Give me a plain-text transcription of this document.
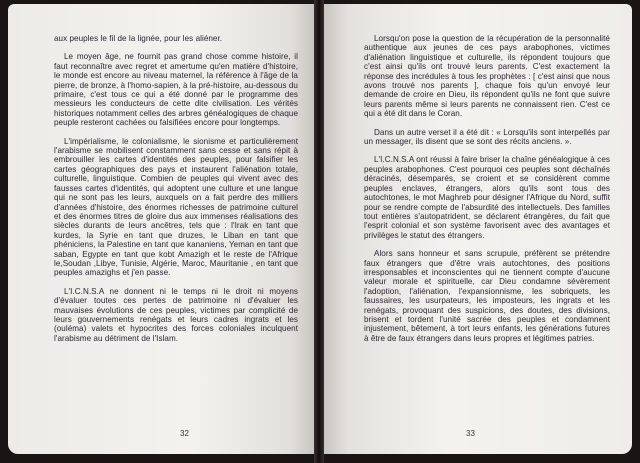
aux peuples le fil de la lignée, pour les aliéner.

Le moyen âge, ne fournit pas grand chose comme histoire, il faut reconnaître avec regret et amertume qu'en matière d'histoire, le monde est encore au niveau maternel, la référence à l'âge de la pierre, de bronze, à l'homo-sapien, à la pré-histoire, au-dessous du primaire, c'est tous ce qui a été donné par le programme des messieurs les conducteurs de cette dite civilisation. Les vérités historiques notamment celles des arbres généalogiques de chaque peuple resteront cachées ou falsifiées encore pour longtemps.

L'impérialisme, le colonialisme, le sionisme et particulièrement l'arabisme se mobilisent constamment sans cesse et sans répit à embrouiller les cartes d'identités des peuples, pour falsifier les cartes géographiques des pays et instaurent l'aliénation totale, culturelle, linguistique. Combien de peuples qui vivent avec des fausses cartes d'identités, qui adoptent une culture et une langue qui ne sont pas les leurs, auxquels on a fait perdre des milliers d'années d'histoire, des énormes richesses de patrimoine culturel et des énormes titres de gloire dus aux immenses réalisations des siècles durants de leurs ancêtres, tels que : l'Irak en tant que kurdes, la Syrie en tant que druzes, le Liban en tant que phéniciens, la Palestine en tant que kananiens, Yeman en tant que saban, Egypte en tant que kobt Amazigh et le reste de l'Afrique le,Soudan ,Libye, Tunisie, Algérie, Maroc, Mauritanie , en tant que peuples amazighs et j'en passe.

L'I.C.N.S.A ne donnent ni le temps ni le droit ni moyens d'évaluer toutes ces pertes de patrimoine ni d'évaluer les mauvaises évolutions de ces peuples, victimes par complicité de leurs gouvernements renégats et leurs cadres ingrats et les (ouléma) valets et hypocrites des forces coloniales inculquent l'arabisme au détriment de l'Islam.

32

Lorsqu'on pose la question de la récupération de la personnalité authentique aux jeunes de ces pays arabophones, victimes d'aliénation linguistique et culturelle, ils répondent toujours que c'est ainsi qu'ils ont trouvé leurs parents. C'est exactement la réponse des incrédules à tous les prophètes : [ c'est ainsi que nous avons trouvé nos parents ], chaque fois qu'un envoyé leur demande de croire en Dieu, ils répondent qu'ils ne font que suivre leurs parents même si leurs parents ne connaissent rien. C'est ce qui a été dit dans le Coran.

Dans un autre verset il a été dit : « Lorsqu'ils sont interpellés par un messager, ils disent que se sont des récits anciens. ».

L'I.C.N.S.A ont réussi à faire briser la chaîne généalogique à ces peuples arabophones. C'est pourquoi ces peuples sont déchaînés déracinés, désemparés, se croient et se considèrent comme peuples enclaves, étrangers, alors qu'ils sont tous des autochtones, le mot Maghreb pour désigner l'Afrique du Nord, suffit pour se rendre compte de l'absurdité des intellectuels. Des familles tout entières s'autopatrident, se déclarent étrangères, du fait que l'esprit colonial et son système favorisent avec des avantages et privilèges le statut des étrangers.

Alors sans honneur et sans scrupule, préfèrent se prétendre faux étrangers que d'être vrais autochtones, des positions irresponsables et inconscientes qui ne tiennent compte d'aucune valeur morale et spirituelle, car Dieu condamne sévèrement l'adoption, l'aliénation, l'expansionnisme, les sobriquets, les faussaires, les usurpateurs, les imposteurs, les ingrats et les renégats, provoquant des suspicions, des doutes, des divisions, brisent et tordent l'unité sacrée des peuples et condamnent injustement, bêtement, à tort leurs enfants, les générations futures à être de faux étrangers dans leurs propres et légitimes patries.

33
